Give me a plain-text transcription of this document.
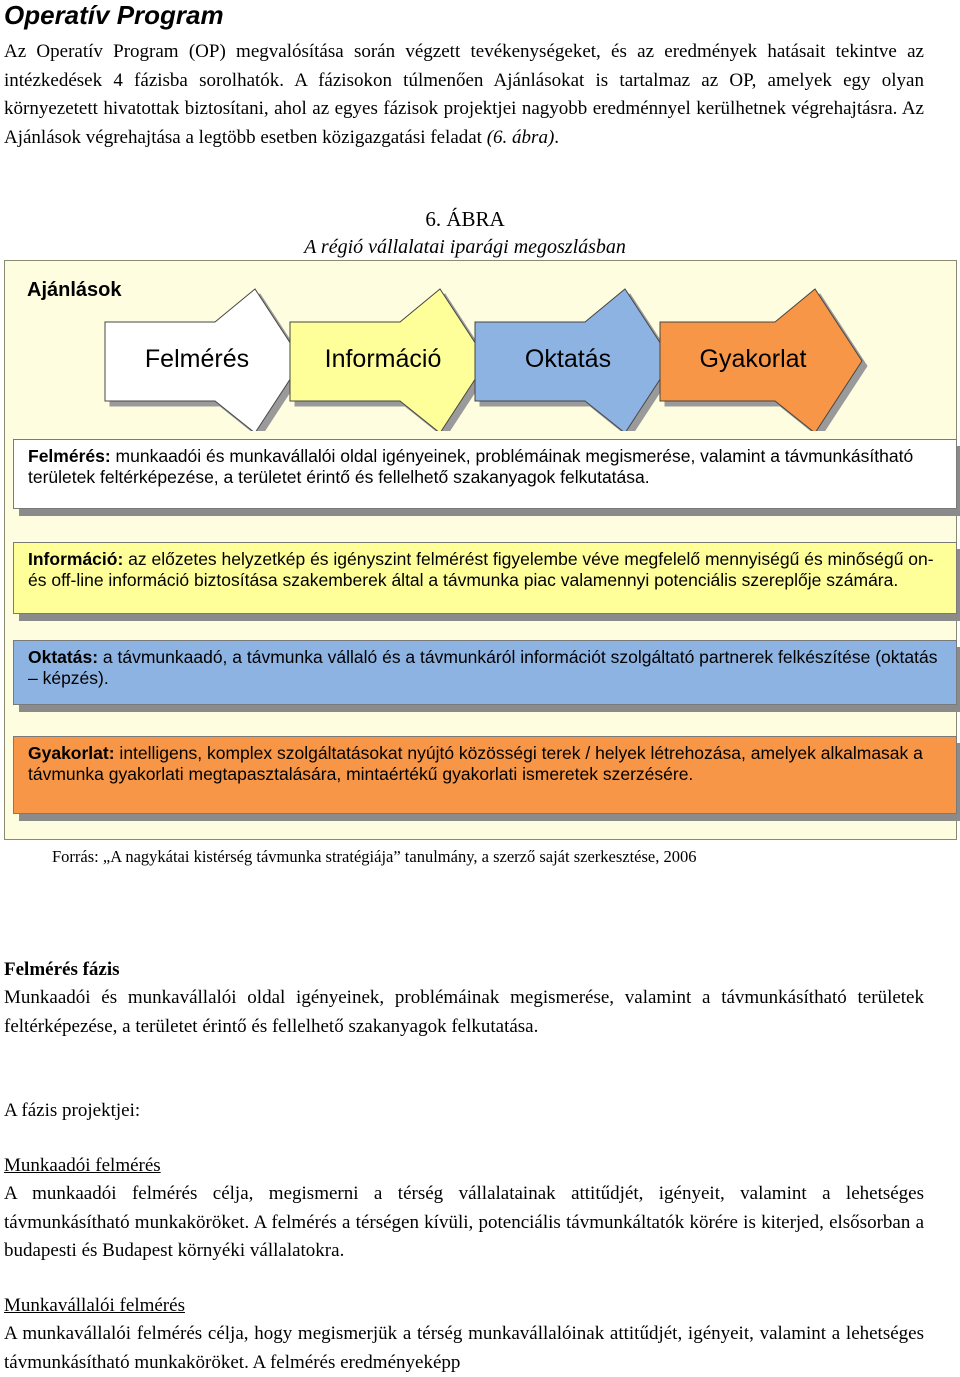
Operatív Program

Az Operatív Program (OP) megvalósítása során végzett tevékenységeket, és az eredmények hatásait tekintve az intézkedések 4 fázisba sorolhatók. A fázisokon túlmenően Ajánlásokat is tartalmaz az OP, amelyek egy olyan környezetett hivatottak biztosítani, ahol az egyes fázisok projektjei nagyobb eredménnyel kerülhetnek végrehajtásra. Az Ajánlások végrehajtása a legtöbb esetben közigazgatási feladat (6. ábra).

6. ÁBRA
A régió vállalatai iparági megoszlásban
Ajánlások
Felmérés	Információ	Oktatás	Gyakorlat
Felmérés: munkaadói és munkavállalói oldal igényeinek, problémáinak megismerése, valamint a távmunkásítható területek feltérképezése, a területet érintő és fellelhető szakanyagok felkutatása.
Információ: az előzetes helyzetkép és igényszint felmérést figyelembe véve megfelelő mennyiségű és minőségű on- és off-line információ biztosítása szakemberek által a távmunka piac valamennyi potenciális szereplője számára.
Oktatás: a távmunkaadó, a távmunka vállaló és a távmunkáról információt szolgáltató partnerek felkészítése (oktatás – képzés).
Gyakorlat: intelligens, komplex szolgáltatásokat nyújtó közösségi terek / helyek létrehozása, amelyek alkalmasak a távmunka gyakorlati megtapasztalására, mintaértékű gyakorlati ismeretek szerzésére.
Forrás: „A nagykátai kistérség távmunka stratégiája” tanulmány, a szerző saját szerkesztése, 2006

Felmérés fázis

Munkaadói és munkavállalói oldal igényeinek, problémáinak megismerése, valamint a távmunkásítható területek feltérképezése, a területet érintő és fellelhető szakanyagok felkutatása.

A fázis projektjei:

Munkaadói felmérés

A munkaadói felmérés célja, megismerni a térség vállalatainak attitűdjét, igényeit, valamint a lehetséges távmunkásítható munkaköröket. A felmérés a térségen kívüli, potenciális távmunkáltatók körére is kiterjed, elsősorban a budapesti és Budapest környéki vállalatokra.

Munkavállalói felmérés

A munkavállalói felmérés célja, hogy megismerjük a térség munkavállalóinak attitűdjét, igényeit, valamint a lehetséges távmunkásítható munkaköröket. A felmérés eredményeképp
